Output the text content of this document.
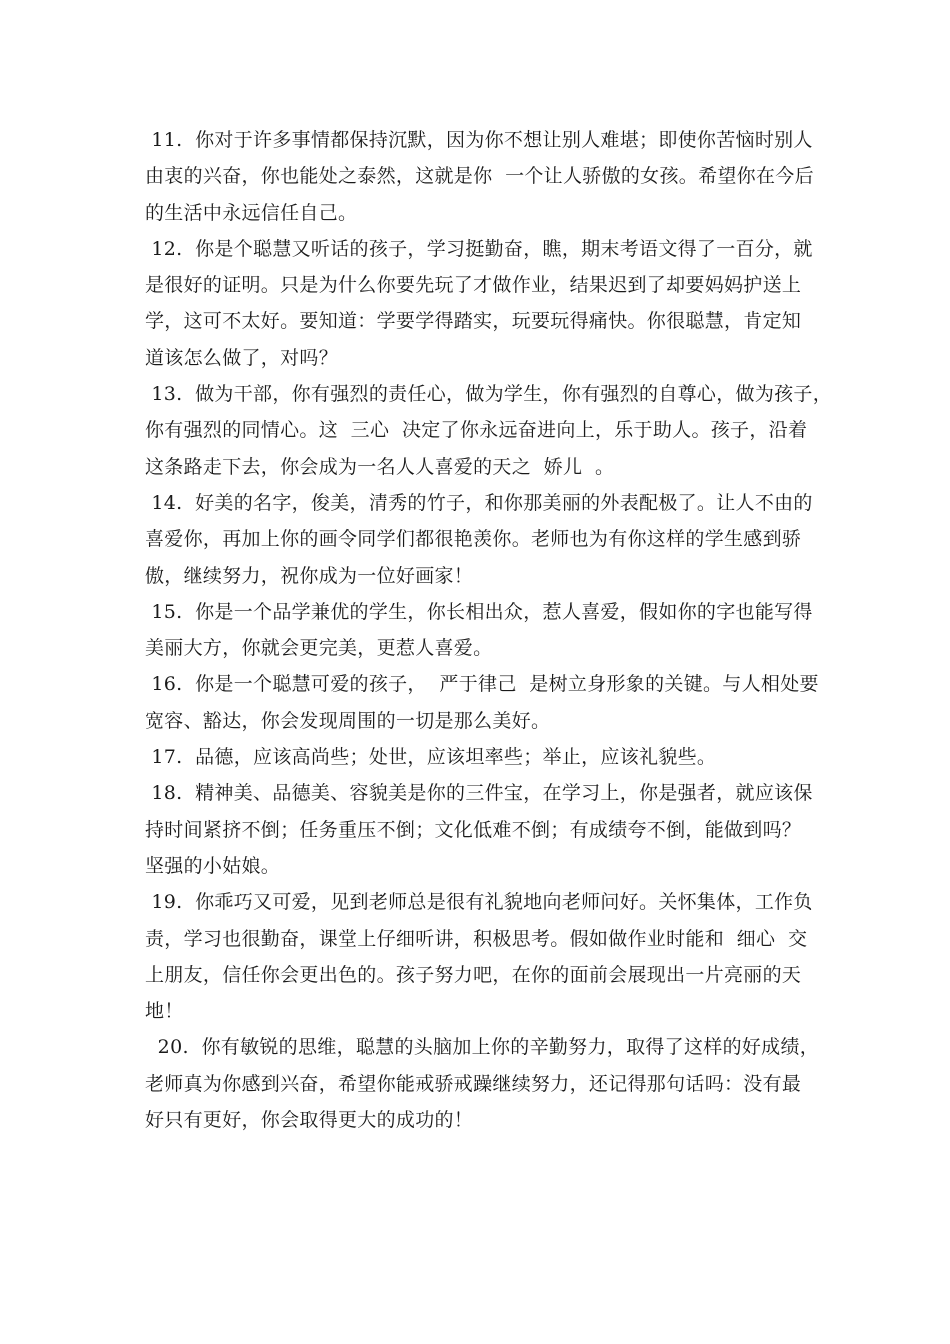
11.  你对于许多事情都保持沉默，因为你不想让别人难堪；即使你苦恼时别人
由衷的兴奋，你也能处之泰然，这就是你  一个让人骄傲的女孩。希望你在今后
的生活中永远信任自己。

12.  你是个聪慧又听话的孩子，学习挺勤奋，瞧，期末考语文得了一百分，就
是很好的证明。只是为什么你要先玩了才做作业，结果迟到了却要妈妈护送上
学，这可不太好。要知道：学要学得踏实，玩要玩得痛快。你很聪慧，肯定知
道该怎么做了，对吗？

13.  做为干部，你有强烈的责任心，做为学生，你有强烈的自尊心，做为孩子，
你有强烈的同情心。这  三心  决定了你永远奋进向上，乐于助人。孩子，沿着
这条路走下去，你会成为一名人人喜爱的天之  娇儿  。

14.  好美的名字，俊美，清秀的竹子，和你那美丽的外表配极了。让人不由的
喜爱你，再加上你的画令同学们都很艳羡你。老师也为有你这样的学生感到骄
傲，继续努力，祝你成为一位好画家！

15.  你是一个品学兼优的学生，你长相出众，惹人喜爱，假如你的字也能写得
美丽大方，你就会更完美，更惹人喜爱。

16.  你是一个聪慧可爱的孩子，  严于律己  是树立身形象的关键。与人相处要
宽容、豁达，你会发现周围的一切是那么美好。

17.  品德，应该高尚些；处世，应该坦率些；举止，应该礼貌些。

18.  精神美、品德美、容貌美是你的三件宝，在学习上，你是强者，就应该保
持时间紧挤不倒；任务重压不倒；文化低难不倒；有成绩夸不倒，能做到吗？
坚强的小姑娘。

19.  你乖巧又可爱，见到老师总是很有礼貌地向老师问好。关怀集体，工作负
责，学习也很勤奋，课堂上仔细听讲，积极思考。假如做作业时能和  细心  交
上朋友，信任你会更出色的。孩子努力吧，在你的面前会展现出一片亮丽的天
地！

20.  你有敏锐的思维，聪慧的头脑加上你的辛勤努力，取得了这样的好成绩，
老师真为你感到兴奋，希望你能戒骄戒躁继续努力，还记得那句话吗：没有最
好只有更好，你会取得更大的成功的！
